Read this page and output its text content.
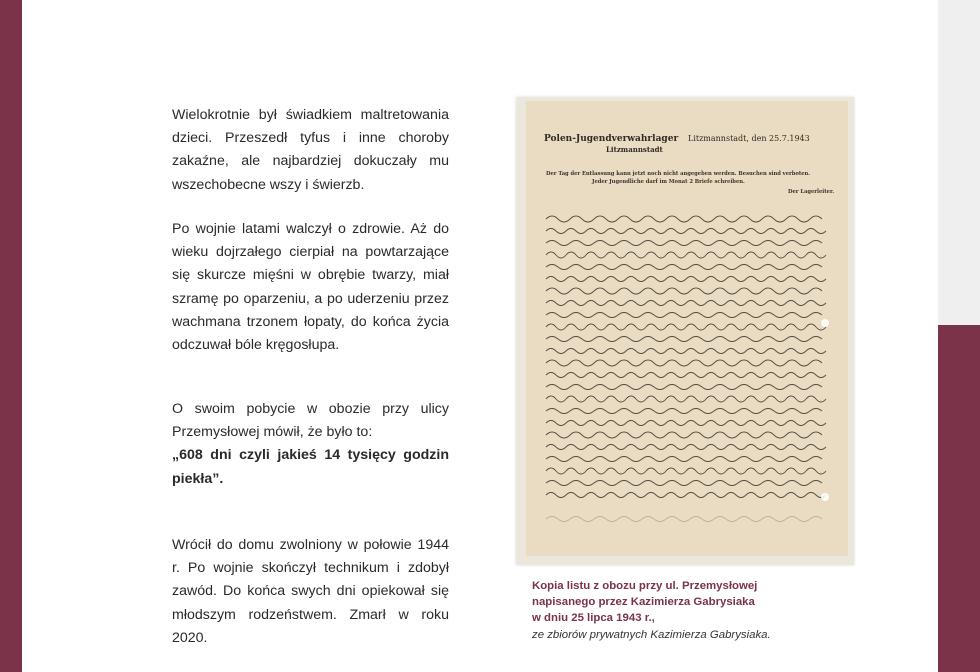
Wielokrotnie był świadkiem maltretowania dzieci. Przeszedł tyfus i inne choroby zakaźne, ale najbardziej dokuczały mu wszechobecne wszy i świerzb.

Po wojnie latami walczył o zdrowie. Aż do wieku dojrzałego cierpiał na powtarzające się skurcze mięśni w obrębie twarzy, miał szramę po oparzeniu, a po uderzeniu przez wachmana trzonem łopaty, do końca życia odczuwał bóle kręgosłupa.

O swoim pobycie w obozie przy ulicy Przemysłowej mówił, że było to:

„608 dni czyli jakieś 14 tysięcy godzin piekła”.

Wrócił do domu zwolniony w połowie 1944 r. Po wojnie skończył technikum i zdobył zawód. Do końca swych dni opiekował się młodszym rodzeństwem. Zmarł w roku 2020.

Polen-Jugendverwahrlager
Litzmannstadt
Litzmannstadt, den 25.7.1943
Der Tag der Entlassung kann jetzt noch nicht angegeben werden. Besuchen sind verboten.
Jeder Jugendliche darf im Monat 2 Briefe schreiben.
Der Lagerleiter.
Kopia listu z obozu przy ul. Przemysłowej
napisanego przez Kazimierza Gabrysiaka
w dniu 25 lipca 1943 r.,
ze zbiorów prywatnych Kazimierza Gabrysiaka.
